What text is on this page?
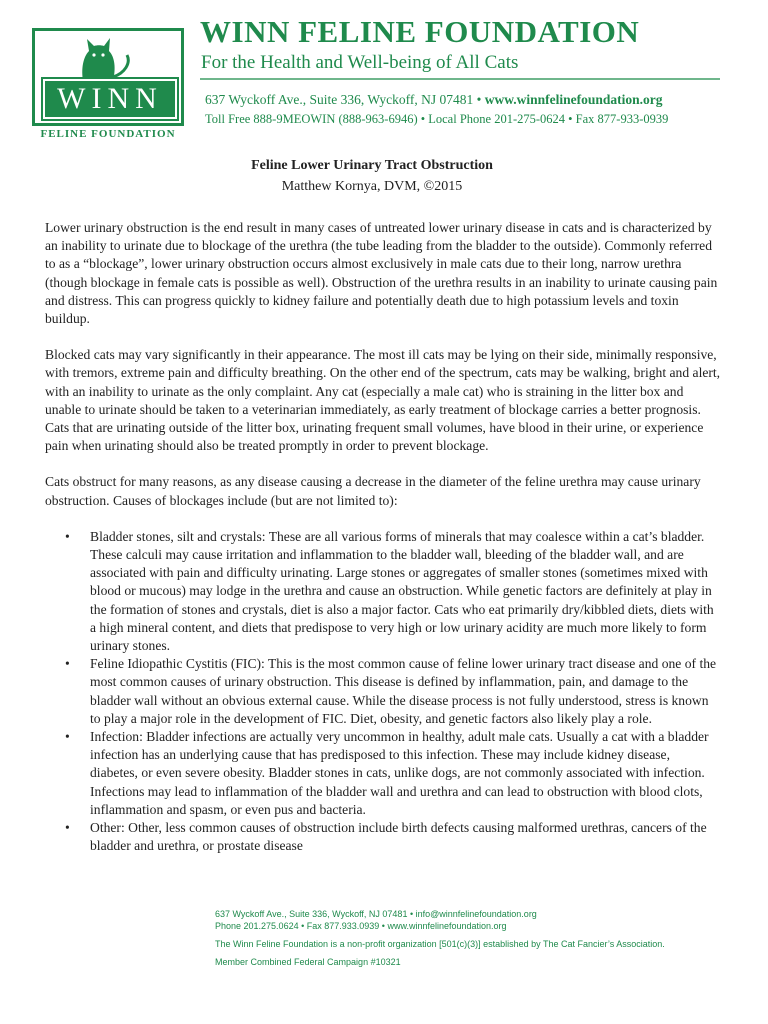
WINN
FELINE FOUNDATION
WINN FELINE FOUNDATION
For the Health and Well-being of All Cats
637 Wyckoff Ave., Suite 336, Wyckoff, NJ 07481 • www.winnfelinefoundation.org
Toll Free 888-9MEOWIN (888-963-6946) • Local Phone 201-275-0624 • Fax 877-933-0939
Feline Lower Urinary Tract Obstruction
Matthew Kornya, DVM, ©2015

Lower urinary obstruction is the end result in many cases of untreated lower urinary disease in cats and is characterized by an inability to urinate due to blockage of the urethra (the tube leading from the bladder to the outside). Commonly referred to as a “blockage”, lower urinary obstruction occurs almost exclusively in male cats due to their long, narrow urethra (though blockage in female cats is possible as well). Obstruction of the urethra results in an inability to urinate causing pain and distress. This can progress quickly to kidney failure and potentially death due to high potassium levels and toxin buildup.

Blocked cats may vary significantly in their appearance. The most ill cats may be lying on their side, minimally responsive, with tremors, extreme pain and difficulty breathing. On the other end of the spectrum, cats may be walking, bright and alert, with an inability to urinate as the only complaint. Any cat (especially a male cat) who is straining in the litter box and unable to urinate should be taken to a veterinarian immediately, as early treatment of blockage carries a better prognosis. Cats that are urinating outside of the litter box, urinating frequent small volumes, have blood in their urine, or experience pain when urinating should also be treated promptly in order to prevent blockage.

Cats obstruct for many reasons, as any disease causing a decrease in the diameter of the feline urethra may cause urinary obstruction. Causes of blockages include (but are not limited to):

• Bladder stones, silt and crystals: These are all various forms of minerals that may coalesce within a cat’s bladder. These calculi may cause irritation and inflammation to the bladder wall, bleeding of the bladder wall, and are associated with pain and difficulty urinating. Large stones or aggregates of smaller stones (sometimes mixed with blood or mucous) may lodge in the urethra and cause an obstruction. While genetic factors are definitely at play in the formation of stones and crystals, diet is also a major factor. Cats who eat primarily dry/kibbled diets, diets with a high mineral content, and diets that predispose to very high or low urinary acidity are much more likely to form urinary stones.
• Feline Idiopathic Cystitis (FIC): This is the most common cause of feline lower urinary tract disease and one of the most common causes of urinary obstruction. This disease is defined by inflammation, pain, and damage to the bladder wall without an obvious external cause. While the disease process is not fully understood, stress is known to play a major role in the development of FIC. Diet, obesity, and genetic factors also likely play a role.
• Infection: Bladder infections are actually very uncommon in healthy, adult male cats. Usually a cat with a bladder infection has an underlying cause that has predisposed to this infection. These may include kidney disease, diabetes, or even severe obesity. Bladder stones in cats, unlike dogs, are not commonly associated with infection. Infections may lead to inflammation of the bladder wall and urethra and can lead to obstruction with blood clots, inflammation and spasm, or even pus and bacteria.
• Other: Other, less common causes of obstruction include birth defects causing malformed urethras, cancers of the bladder and urethra, or prostate disease
637 Wyckoff Ave., Suite 336, Wyckoff, NJ 07481 • info@winnfelinefoundation.org
Phone 201.275.0624 • Fax 877.933.0939 • www.winnfelinefoundation.org
The Winn Feline Foundation is a non-profit organization [501(c)(3)] established by The Cat Fancier’s Association.
Member Combined Federal Campaign #10321
